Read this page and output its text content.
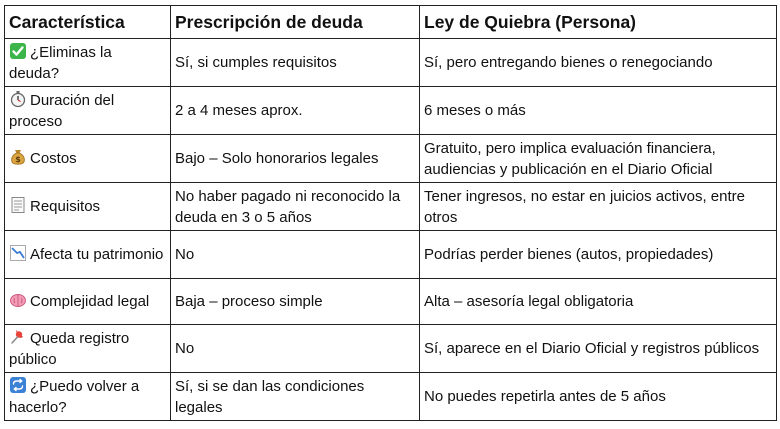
Característica	Prescripción de deuda	Ley de Quiebra (Persona)

¿Eliminas la deuda?	Sí, si cumples requisitos	Sí, pero entregando bienes o renegociando

Duración del proceso	2 a 4 meses aprox.	6 meses o más

$ Costos	Bajo – Solo honorarios legales	Gratuito, pero implica evaluación financiera, audiencias y publicación en el Diario Oficial

Requisitos	No haber pagado ni reconocido la deuda en 3 o 5 años	Tener ingresos, no estar en juicios activos, entre otros

Afecta tu patrimonio	No	Podrías perder bienes (autos, propiedades)

Complejidad legal	Baja – proceso simple	Alta – asesoría legal obligatoria

Queda registro público	No	Sí, aparece en el Diario Oficial y registros públicos

¿Puedo volver a hacerlo?	Sí, si se dan las condiciones legales	No puedes repetirla antes de 5 años
